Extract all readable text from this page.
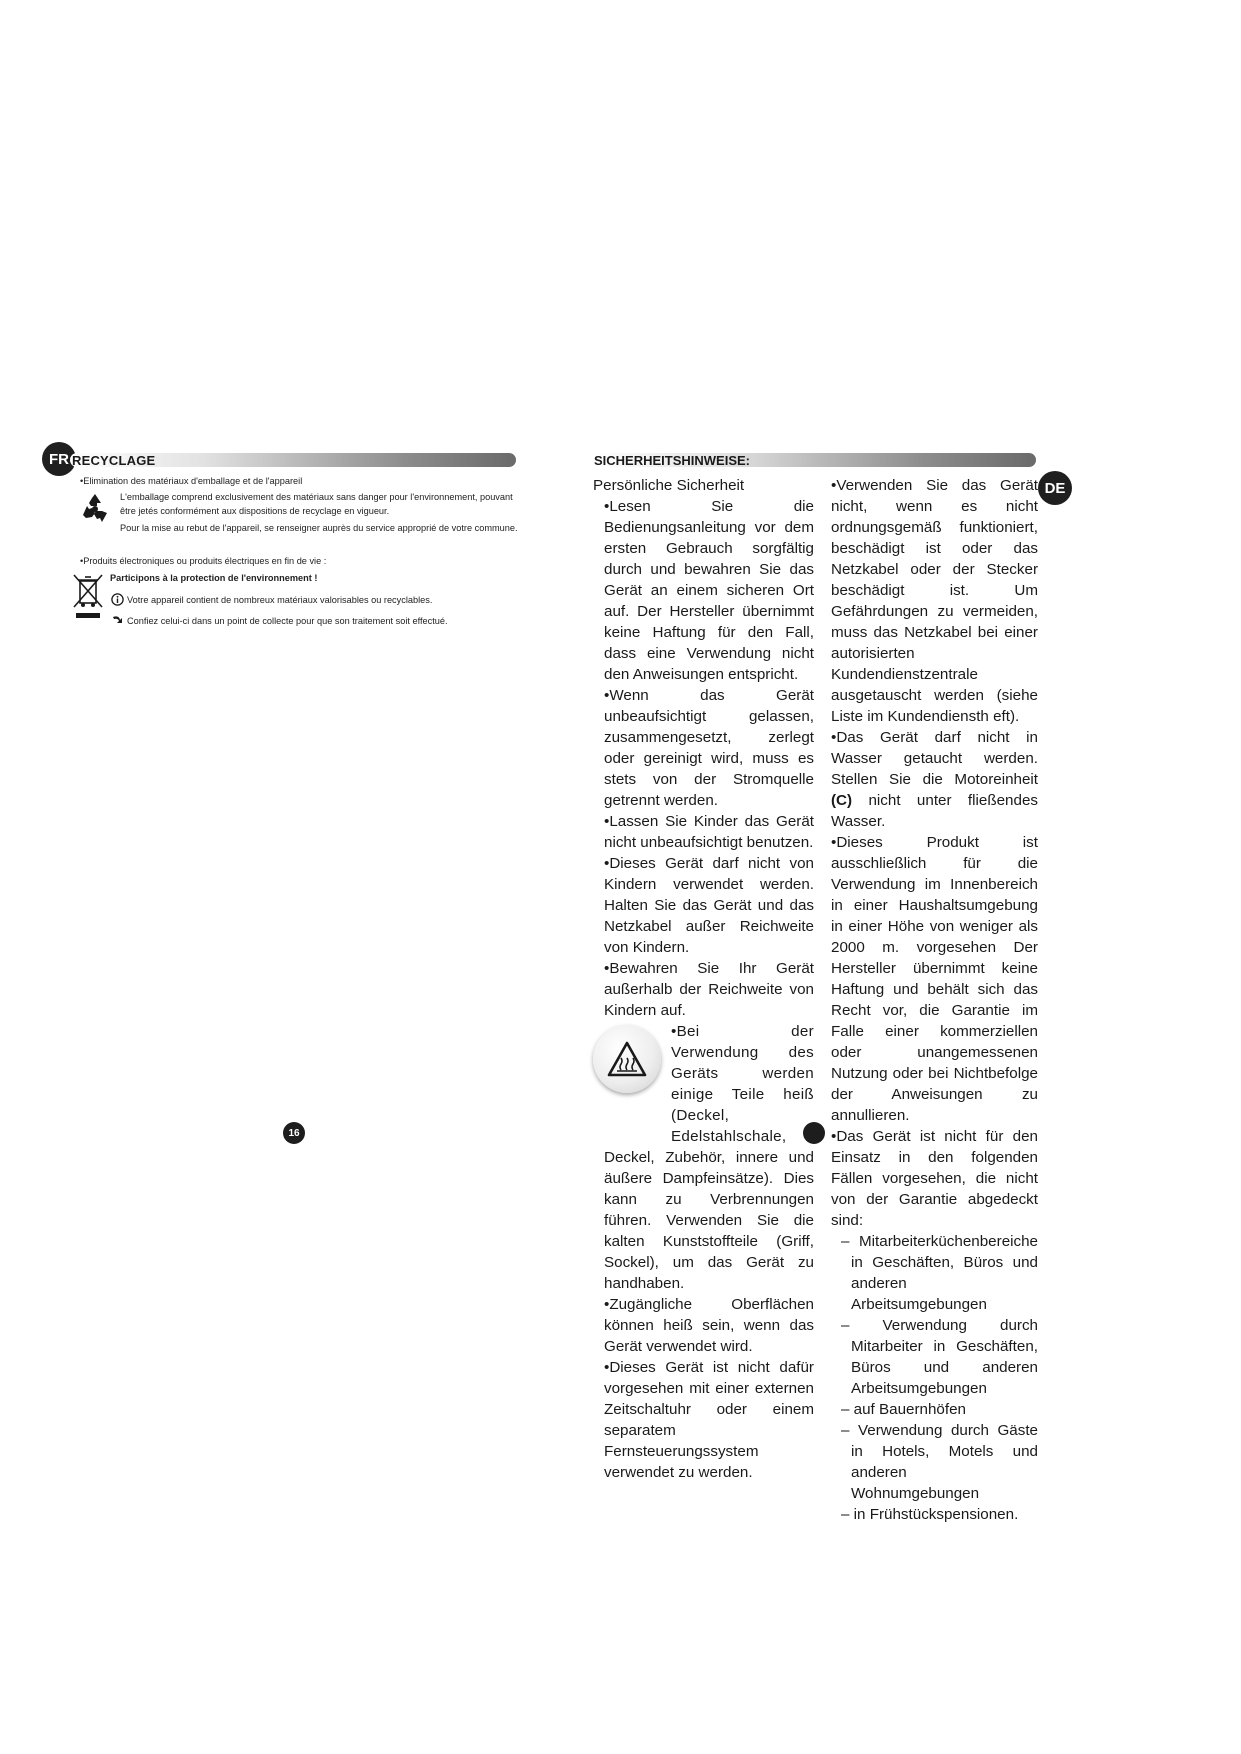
FR RECYCLAGE
•Elimination des matériaux d'emballage et de l'appareil
L'emballage comprend exclusivement des matériaux sans danger pour l'environnement, pouvant être jetés conformément aux dispositions de recyclage en vigueur.
Pour la mise au rebut de l'appareil, se renseigner auprès du service approprié de votre commune.
•Produits électroniques ou produits électriques en fin de vie :
Participons à la protection de l'environnement !
Votre appareil contient de nombreux matériaux valorisables ou recyclables.
Confiez celui-ci dans un point de collecte pour que son traitement soit effectué.
16
SICHERHEITSHINWEISE:
DE

Persönliche Sicherheit

•Lesen Sie die Bedienungsanleitung vor dem ersten Gebrauch sorgfältig durch und bewahren Sie das Gerät an einem sicheren Ort auf. Der Hersteller übernimmt keine Haftung für den Fall, dass eine Verwendung nicht den Anweisungen entspricht.

•Wenn das Gerät unbeaufsichtigt gelassen, zusammengesetzt, zerlegt oder gereinigt wird, muss es stets von der Stromquelle getrennt werden.

•Lassen Sie Kinder das Gerät nicht unbeaufsichtigt benutzen.

•Dieses Gerät darf nicht von Kindern verwendet werden. Halten Sie das Gerät und das Netzkabel außer Reichweite von Kindern.

•Bewahren Sie Ihr Gerät außerhalb der Reichweite von Kindern auf.

•Bei der Verwendung des Geräts werden einige Teile heiß (Deckel, Edelstahlschale,

Deckel, Zubehör, innere und äußere Dampfeinsätze). Dies kann zu Verbrennungen führen. Verwenden Sie die kalten Kunststoffteile (Griff, Sockel), um das Gerät zu handhaben.

•Zugängliche Oberflächen können heiß sein, wenn das Gerät verwendet wird.

•Dieses Gerät ist nicht dafür vorgesehen mit einer externen Zeitschaltuhr oder einem separatem Fernsteuerungssystem verwendet zu werden.

•Verwenden Sie das Gerät nicht, wenn es nicht ordnungsgemäß funktioniert, beschädigt ist oder das Netzkabel oder der Stecker beschädigt ist. Um Gefährdungen zu vermeiden, muss das Netzkabel bei einer autorisierten Kundendienstzentrale ausgetauscht werden (siehe Liste im Kundendiensth eft).

•Das Gerät darf nicht in Wasser getaucht werden. Stellen Sie die Motoreinheit (C) nicht unter fließendes Wasser.

•Dieses Produkt ist ausschließlich für die Verwendung im Innenbereich in einer Haushaltsumgebung in einer Höhe von weniger als 2000 m. vorgesehen Der Hersteller übernimmt keine Haftung und behält sich das Recht vor, die Garantie im Falle einer kommerziellen oder unangemessenen Nutzung oder bei Nichtbefolge der Anweisungen zu annullieren.

•Das Gerät ist nicht für den Einsatz in den folgenden Fällen vorgesehen, die nicht von der Garantie abgedeckt sind:

– Mitarbeiterküchenbereiche in Geschäften, Büros und anderen Arbeitsumgebungen

– Verwendung durch Mitarbeiter in Geschäften, Büros und anderen Arbeitsumgebungen

– auf Bauernhöfen

– Verwendung durch Gäste in Hotels, Motels und anderen Wohnumgebungen

– in Frühstückspensionen.
